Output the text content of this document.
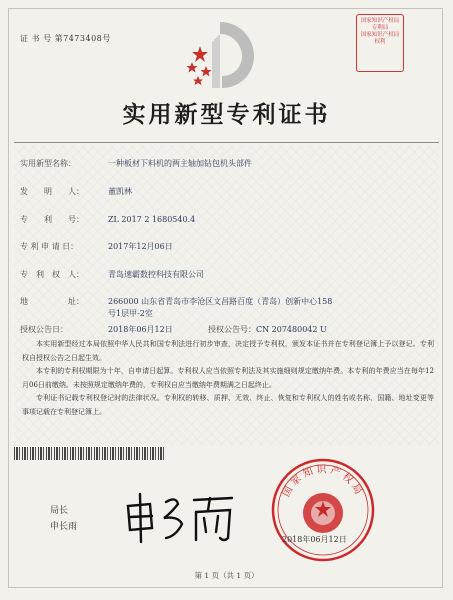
证 书 号 第7473408号
国家知识产权局
专利局
国家知识产权局
权利
实用新型专利证书
实用新型名称：	一种板材下料机的两主轴加钻包机头部件
发　　明　　人：	董凯林
专　　利　　号：	ZL 2017 2 1680540.4
专 利 申 请 日：	2017年12月06日
专　利　权　人：	青岛速霸数控科技有限公司
地　　　　　址：	266000 山东省青岛市李沧区文昌路百度（青岛）创新中心158号1层甲-2室
授权公告日：	2018年06月12日	授权公告号：CN 207480042 U

本实用新型经过本局依照中华人民共和国专利法进行初步审查，决定授予专利权，颁发本证书并在专利登记簿上予以登记。专利权自授权公告之日起生效。

本专利的专利权期限为十年，自申请日起算。专利权人应当依照专利法及其实施细则规定缴纳年费。本专利的年费应当在每年12月06日前缴纳。未按照规定缴纳年费的，专利权自应当缴纳年费期满之日起终止。

专利证书记载专利权登记时的法律状况。专利权的转移、质押、无效、终止、恢复和专利权人的姓名或名称、国籍、地址变更等事项记载在专利登记簿上。

局长
申长雨
国家知识产权局
2018年06月12日
第 1 页（共 1 页）
